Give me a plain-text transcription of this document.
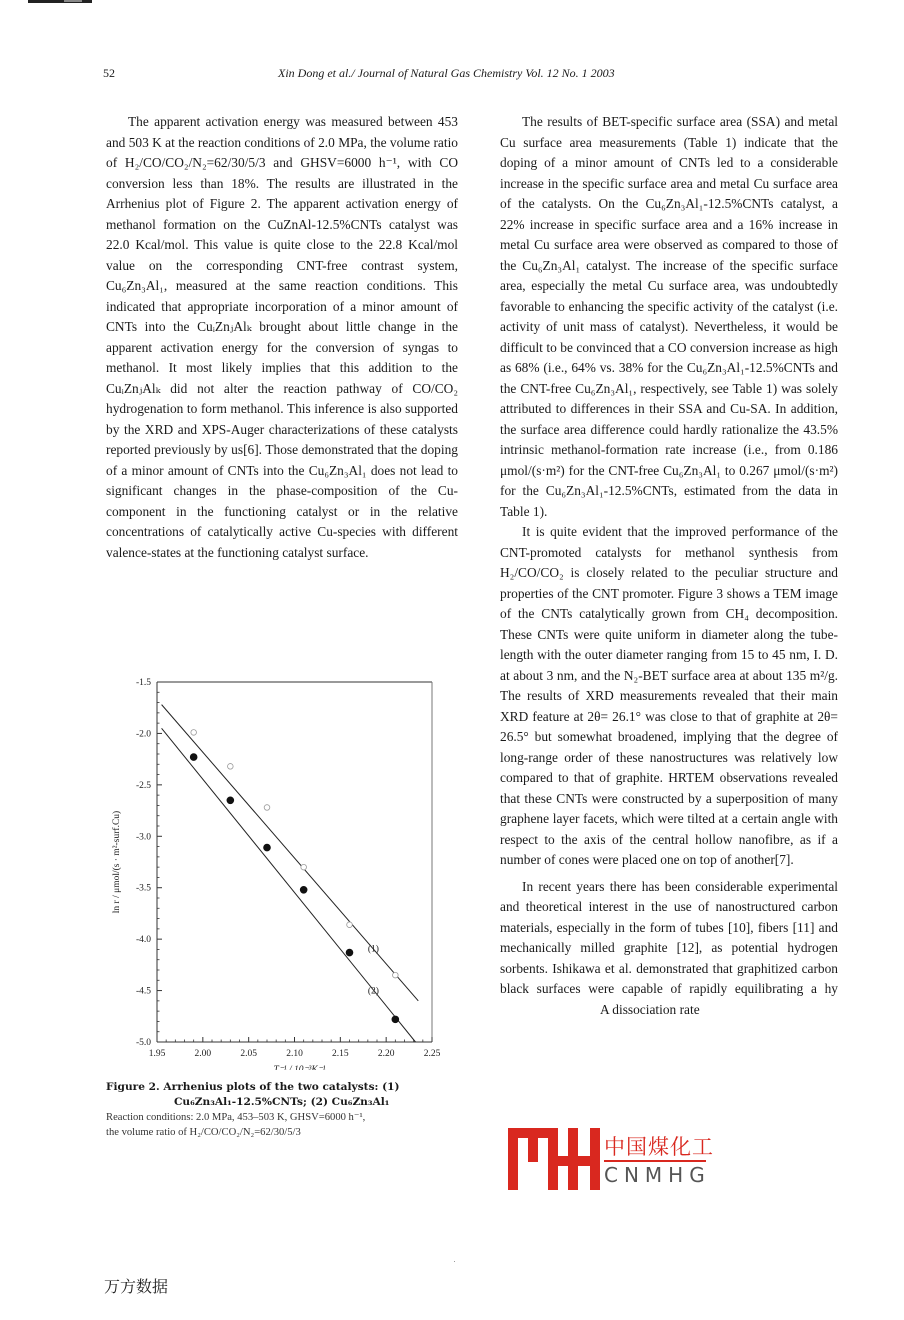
52	Xin Dong et al./ Journal of Natural Gas Chemistry Vol. 12 No. 1 2003

The apparent activation energy was measured between 453 and 503 K at the reaction conditions of 2.0 MPa, the volume ratio of H₂/CO/CO₂/N₂=62/30/5/3 and GHSV=6000 h⁻¹, with CO conversion less than 18%. The results are illustrated in the Arrhenius plot of Figure 2. The apparent activation energy of methanol formation on the CuZnAl-12.5%CNTs catalyst was 22.0 Kcal/mol. This value is quite close to the 22.8 Kcal/mol value on the corresponding CNT-free contrast system, Cu₆Zn₃Al₁, measured at the same reaction conditions. This indicated that appropriate incorporation of a minor amount of CNTs into the CuᵢZnⱼAlₖ brought about little change in the apparent activation energy for the conversion of syngas to methanol. It most likely implies that this addition to the CuᵢZnⱼAlₖ did not alter the reaction pathway of CO/CO₂ hydrogenation to form methanol. This inference is also supported by the XRD and XPS-Auger characterizations of these catalysts reported previously by us[6]. Those demonstrated that the doping of a minor amount of CNTs into the Cu₆Zn₃Al₁ does not lead to significant changes in the phase-composition of the Cu-component in the functioning catalyst or in the relative concentrations of catalytically active Cu-species with different valence-states at the functioning catalyst surface.

The results of BET-specific surface area (SSA) and metal Cu surface area measurements (Table 1) indicate that the doping of a minor amount of CNTs led to a considerable increase in the specific surface area and metal Cu surface area of the catalysts. On the Cu₆Zn₃Al₁-12.5%CNTs catalyst, a 22% increase in specific surface area and a 16% increase in metal Cu surface area were observed as compared to those of the Cu₆Zn₃Al₁ catalyst. The increase of the specific surface area, especially the metal Cu surface area, was undoubtedly favorable to enhancing the specific activity of the catalyst (i.e. activity of unit mass of catalyst). Nevertheless, it would be difficult to be convinced that a CO conversion increase as high as 68% (i.e., 64% vs. 38% for the Cu₆Zn₃Al₁-12.5%CNTs and the CNT-free Cu₆Zn₃Al₁, respectively, see Table 1) was solely attributed to differences in their SSA and Cu-SA. In addition, the surface area difference could hardly rationalize the 43.5% intrinsic methanol-formation rate increase (i.e., from 0.186 μmol/(s·m²) for the CNT-free Cu₆Zn₃Al₁ to 0.267 μmol/(s·m²) for the Cu₆Zn₃Al₁-12.5%CNTs, estimated from the data in Table 1).

It is quite evident that the improved performance of the CNT-promoted catalysts for methanol synthesis from H₂/CO/CO₂ is closely related to the peculiar structure and properties of the CNT promoter. Figure 3 shows a TEM image of the CNTs catalytically grown from CH₄ decomposition. These CNTs were quite uniform in diameter along the tube-length with the outer diameter ranging from 15 to 45 nm, I. D. at about 3 nm, and the N₂-BET surface area at about 135 m²/g. The results of XRD measurements revealed that their main XRD feature at 2θ= 26.1° was close to that of graphite at 2θ= 26.5° but somewhat broadened, implying that the degree of long-range order of these nanostructures was relatively low compared to that of graphite. HRTEM observations revealed that these CNTs were constructed by a superposition of many graphene layer facets, which were tilted at a certain angle with respect to the axis of the central hollow nanofibre, as if a number of cones were placed one on top of another[7].

In recent years there has been considerable experimental and theoretical interest in the use of nanostructured carbon materials, especially in the form of tubes [10], fibers [11] and mechanically milled graphite [12], as potential hydrogen sorbents. Ishikawa et al. demonstrated that graphitized carbon black surfaces were capable of rapidly equilibrating a hyA dissociation rate

1.95	2.00	2.05	2.10	2.15	2.20	2.25
-1.5
-2.0
-2.5
-3.0
-3.5
-4.0
-4.5
-5.0
T⁻¹ / 10⁻³K⁻¹
ln r / μmol/(s · m²-surf.Cu)
(1)
(2)
Figure 2. Arrhenius plots of the two catalysts: (1)
Cu₆Zn₃Al₁-12.5%CNTs; (2) Cu₆Zn₃Al₁
Reaction conditions: 2.0 MPa, 453–503 K, GHSV=6000 h⁻¹,
the volume ratio of H₂/CO/CO₂/N₂=62/30/5/3
中国煤化工
CNMHG
万方数据
